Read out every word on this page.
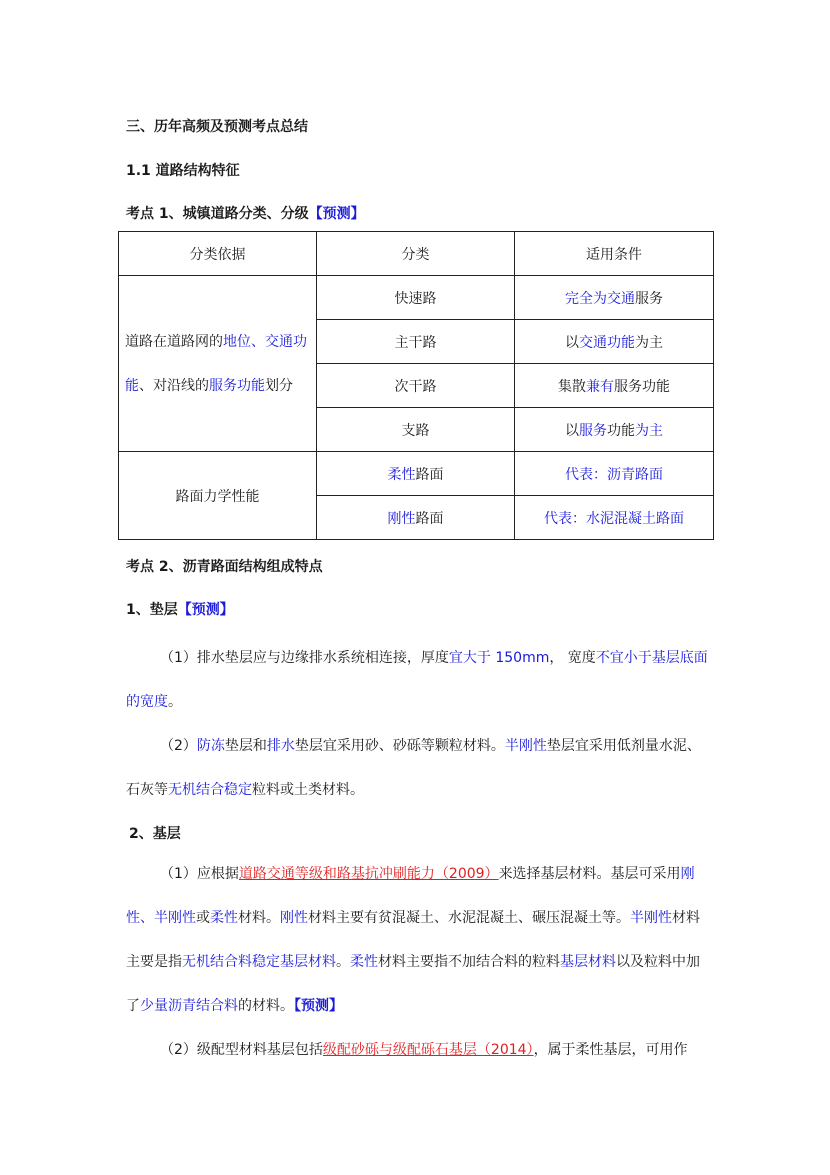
三、历年高频及预测考点总结
1.1 道路结构特征
考点 1、城镇道路分类、分级【预测】
分类依据	分类	适用条件
道路在道路网的地位、交通功能、对沿线的服务功能划分	快速路	完全为交通服务
	主干路	以交通功能为主
	次干路	集散兼有服务功能
	支路	以服务功能为主
路面力学性能	柔性路面	代表：沥青路面
	刚性路面	代表：水泥混凝土路面
考点 2、沥青路面结构组成特点
1、垫层【预测】
（1）排水垫层应与边缘排水系统相连接，厚度宜大于 150mm， 宽度不宜小于基层底面的宽度。
（2）防冻垫层和排水垫层宜采用砂、砂砾等颗粒材料。半刚性垫层宜采用低剂量水泥、石灰等无机结合稳定粒料或土类材料。
2、基层
（1）应根据道路交通等级和路基抗冲刷能力（2009）来选择基层材料。基层可采用刚性、半刚性或柔性材料。刚性材料主要有贫混凝土、水泥混凝土、碾压混凝土等。半刚性材料主要是指无机结合料稳定基层材料。柔性材料主要指不加结合料的粒料基层材料以及粒料中加了少量沥青结合料的材料。【预测】
（2）级配型材料基层包括级配砂砾与级配砾石基层（2014），属于柔性基层，可用作
